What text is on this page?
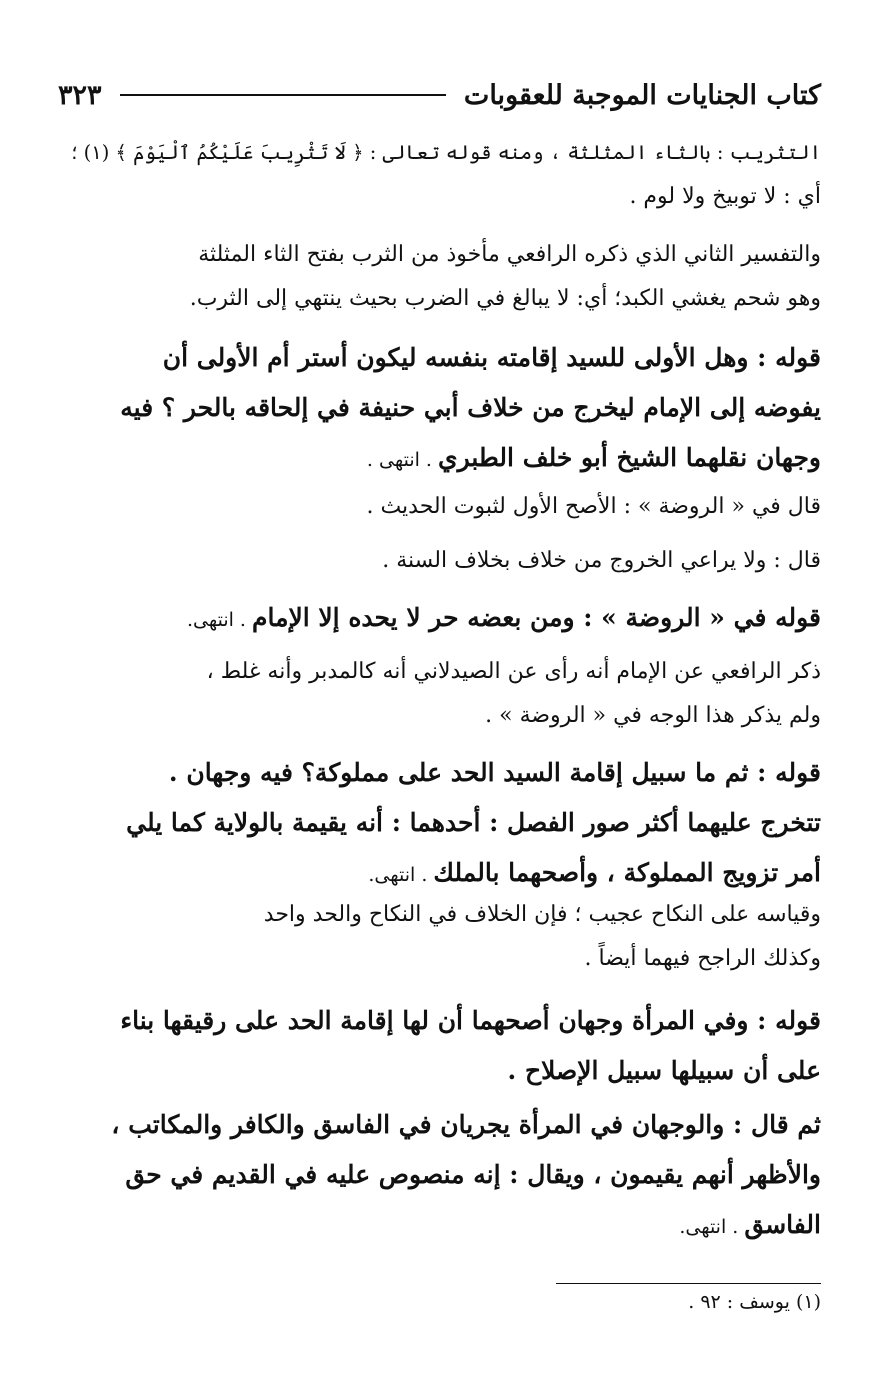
كتاب الجنايات الموجبة للعقوبات
٣٢٣
التثريب : بالثاء المثلثة ، ومنه قوله تعالى : ﴿ لَا تَثْرِيبَ عَلَيْكُمُ ٱلْيَوْمَ ﴾ (١) ؛
أي : لا توبيخ ولا لوم .
والتفسير الثاني الذي ذكره الرافعي مأخوذ من الثرب بفتح الثاء المثلثة
وهو شحم يغشي الكبد؛ أي: لا يبالغ في الضرب بحيث ينتهي إلى الثرب.
قوله : وهل الأولى للسيد إقامته بنفسه ليكون أستر أم الأولى أن
يفوضه إلى الإمام ليخرج من خلاف أبي حنيفة في إلحاقه بالحر ؟ فيه
وجهان نقلهما الشيخ أبو خلف الطبري . انتهى .
قال في « الروضة » : الأصح الأول لثبوت الحديث .
قال : ولا يراعي الخروج من خلاف بخلاف السنة .
قوله في « الروضة » : ومن بعضه حر لا يحده إلا الإمام . انتهى.
ذكر الرافعي عن الإمام أنه رأى عن الصيدلاني أنه كالمدبر وأنه غلط ،
ولم يذكر هذا الوجه في « الروضة » .
قوله : ثم ما سبيل إقامة السيد الحد على مملوكة؟ فيه وجهان .
تتخرج عليهما أكثر صور الفصل : أحدهما : أنه يقيمة بالولاية كما يلي
أمر تزويج المملوكة ، وأصحهما بالملك . انتهى.
وقياسه على النكاح عجيب ؛ فإن الخلاف في النكاح والحد واحد
وكذلك الراجح فيهما أيضاً .
قوله : وفي المرأة وجهان أصحهما أن لها إقامة الحد على رقيقها بناء
على أن سبيلها سبيل الإصلاح .
ثم قال : والوجهان في المرأة يجريان في الفاسق والكافر والمكاتب ،
والأظهر أنهم يقيمون ، ويقال : إنه منصوص عليه في القديم في حق
الفاسق . انتهى.
(١) يوسف : ٩٢ .
